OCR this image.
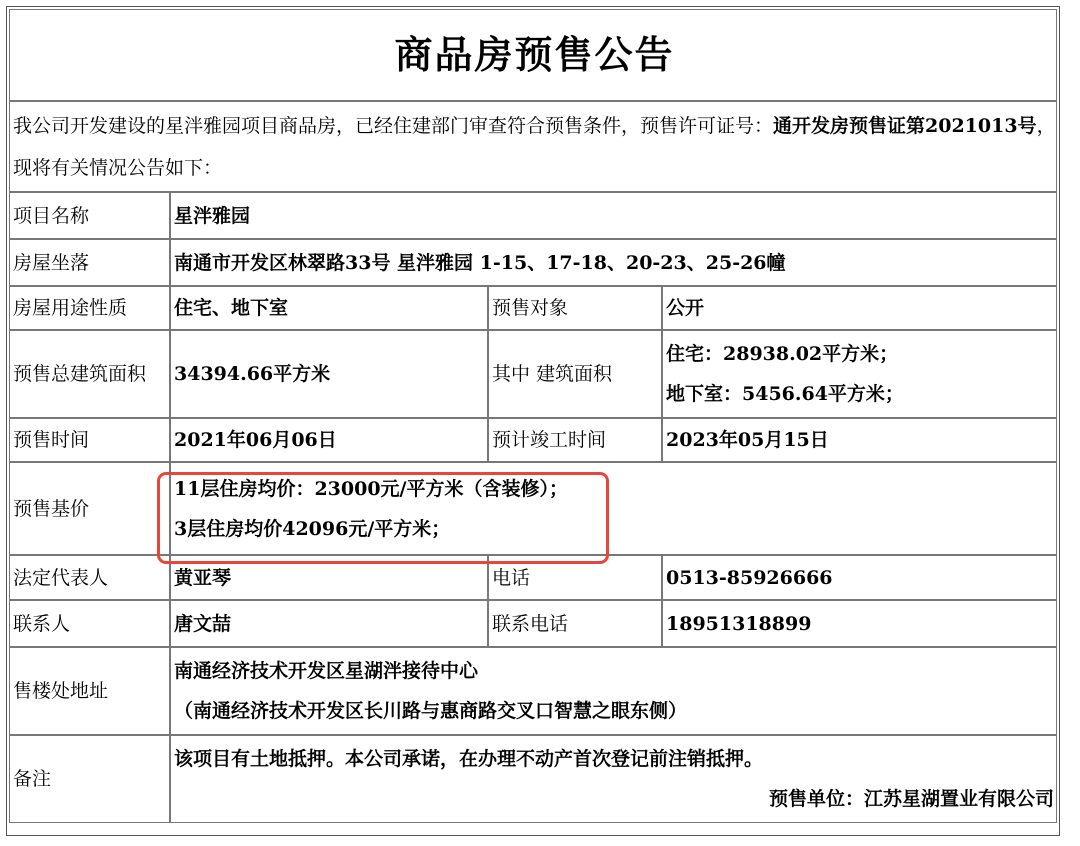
商品房预售公告			
我公司开发建设的星泮雅园项目商品房，已经住建部门审查符合预售条件，预售许可证号：通开发房预售证第2021013号，现将有关情况公告如下：			
项目名称	星泮雅园		
房屋坐落	南通市开发区林翠路33号 星泮雅园 1-15、17-18、20-23、25-26幢		
房屋用途性质	住宅、地下室	预售对象	公开
预售总建筑面积	34394.66平方米	其中 建筑面积	住宅：28938.02平方米；
地下室：5456.64平方米；

预售时间	2021年06月06日	预计竣工时间	2023年05月15日
预售基价	11层住房均价：23000元/平方米（含装修）；
3层住房均价42096元/平方米；		

法定代表人	黄亚琴	电话	0513-85926666
联系人	唐文喆	联系电话	18951318899
售楼处地址	南通经济技术开发区星湖泮接待中心
（南通经济技术开发区长川路与惠商路交叉口智慧之眼东侧）		

备注	该项目有土地抵押。本公司承诺，在办理不动产首次登记前注销抵押。
预售单位：江苏星湖置业有限公司		
